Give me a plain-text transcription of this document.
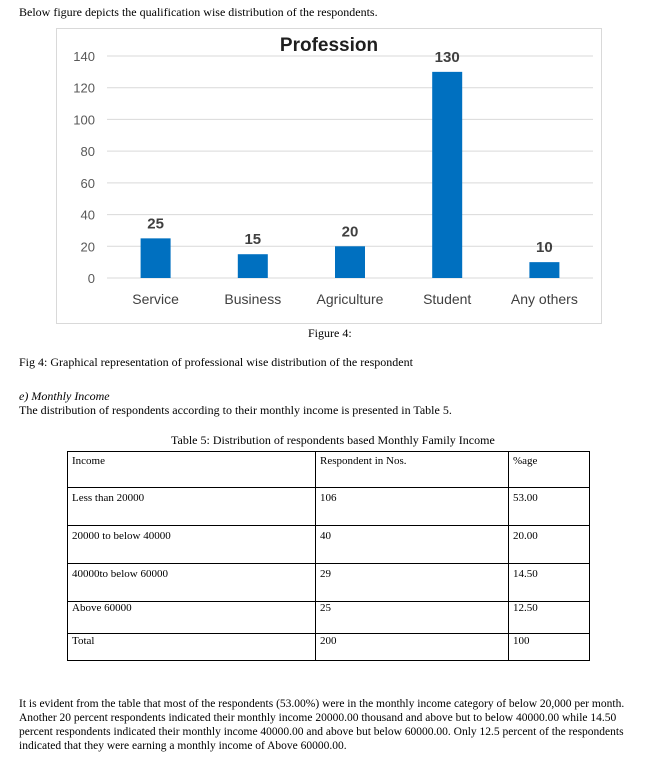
Below figure depicts the qualification wise distribution of the respondents.
0
20
40
60
80
100
120
140
Profession
25
Service
15
Business
20
Agriculture
130
Student
10
Any others
Figure 4:
Fig 4: Graphical representation of professional wise distribution of the respondent
e) Monthly Income
The distribution of respondents according to their monthly income is presented in Table 5.
Table 5: Distribution of respondents based Monthly Family Income
Income	Respondent in Nos.	%age
Less than 20000	106	53.00
20000 to below 40000	40	20.00
40000to below 60000	29	14.50
Above 60000	25	12.50
Total	200	100
It is evident from the table that most of the respondents (53.00%) were in the monthly income category of below 20,000 per month.
Another 20 percent respondents indicated their monthly income 20000.00 thousand and above but to below 40000.00 while 14.50
percent respondents indicated their monthly income 40000.00 and above but below 60000.00. Only 12.5 percent of the respondents
indicated that they were earning a monthly income of Above 60000.00.
